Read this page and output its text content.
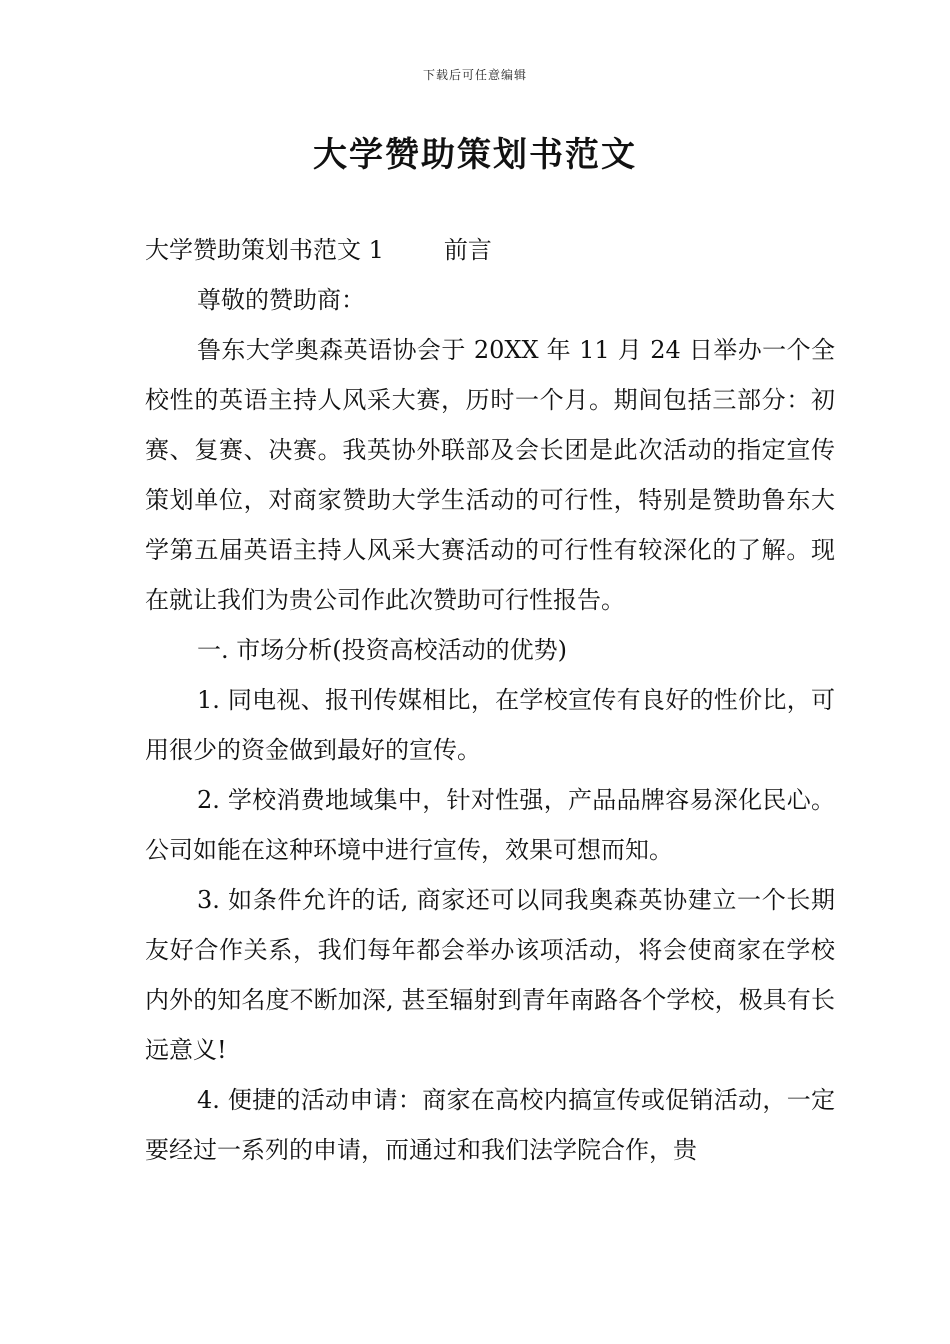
下载后可任意编辑
大学赞助策划书范文

大学赞助策划书范文 1	前言

尊敬的赞助商：

鲁东大学奥森英语协会于 20XX 年 11 月 24 日举办一个全校性的英语主持人风采大赛，历时一个月。期间包括三部分：初赛、复赛、决赛。我英协外联部及会长团是此次活动的指定宣传策划单位，对商家赞助大学生活动的可行性，特别是赞助鲁东大学第五届英语主持人风采大赛活动的可行性有较深化的了解。现在就让我们为贵公司作此次赞助可行性报告。

一. 市场分析(投资高校活动的优势)

1. 同电视、报刊传媒相比，在学校宣传有良好的性价比，可用很少的资金做到最好的宣传。

2. 学校消费地域集中，针对性强，产品品牌容易深化民心。公司如能在这种环境中进行宣传，效果可想而知。

3. 如条件允许的话, 商家还可以同我奥森英协建立一个长期友好合作关系，我们每年都会举办该项活动，将会使商家在学校内外的知名度不断加深, 甚至辐射到青年南路各个学校，极具有长远意义!

4. 便捷的活动申请：商家在高校内搞宣传或促销活动，一定要经过一系列的申请，而通过和我们法学院合作，贵
